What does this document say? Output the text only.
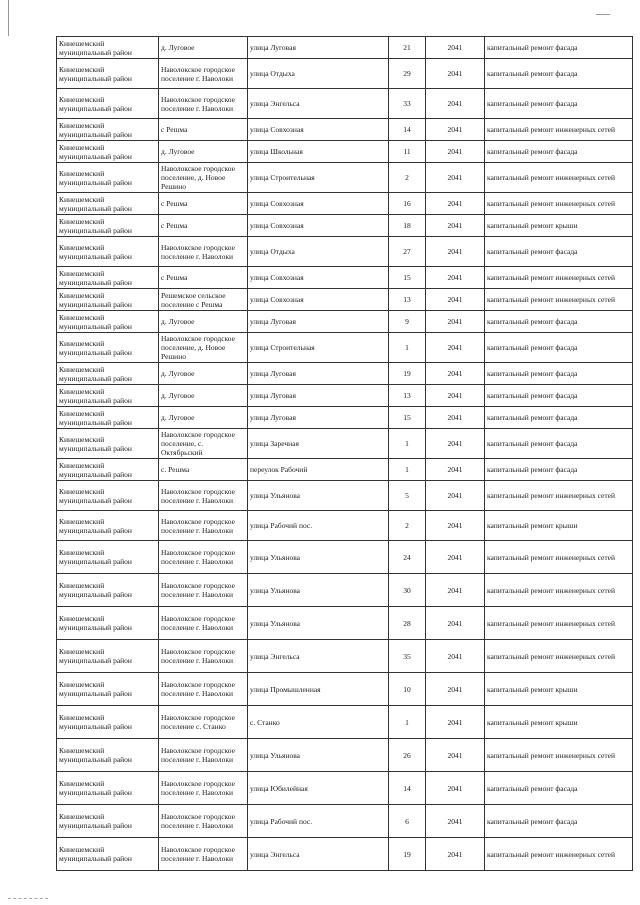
Кинешемский муниципальный район	д. Луговое	улица Луговая	21	2041	капитальный ремонт фасада
Кинешемский муниципальный район	Наволокское городское поселение г. Наволоки	улица Отдыха	29	2041	капитальный ремонт фасада
Кинешемский муниципальный район	Наволокское городское поселение г. Наволоки	улица Энгельса	33	2041	капитальный ремонт фасада
Кинешемский муниципальный район	с Решма	улица Совхозная	14	2041	капитальный ремонт инженерных сетей
Кинешемский муниципальный район	д. Луговое	улица Школьная	11	2041	капитальный ремонт фасада
Кинешемский муниципальный район	Наволокское городское поселение, д. Новое Решино	улица Строительная	2	2041	капитальный ремонт инженерных сетей
Кинешемский муниципальный район	с Решма	улица Совхозная	16	2041	капитальный ремонт инженерных сетей
Кинешемский муниципальный район	с Решма	улица Совхозная	18	2041	капитальный ремонт крыши
Кинешемский муниципальный район	Наволокское городское поселение г. Наволоки	улица Отдыха	27	2041	капитальный ремонт фасада
Кинешемский муниципальный район	с Решма	улица Совхозная	15	2041	капитальный ремонт инженерных сетей
Кинешемский муниципальный район	Решемское сельское поселение с Решма	улица Совхозная	13	2041	капитальный ремонт инженерных сетей
Кинешемский муниципальный район	д. Луговое	улица Луговая	9	2041	капитальный ремонт фасада
Кинешемский муниципальный район	Наволокское городское поселение, д. Новое Решино	улица Строительная	1	2041	капитальный ремонт фасада
Кинешемский муниципальный район	д. Луговое	улица Луговая	19	2041	капитальный ремонт фасада
Кинешемский муниципальный район	д. Луговое	улица Луговая	13	2041	капитальный ремонт фасада
Кинешемский муниципальный район	д. Луговое	улица Луговая	15	2041	капитальный ремонт фасада
Кинешемский муниципальный район	Наволокское городское поселение, с. Октябрьский	улица Заречная	1	2041	капитальный ремонт фасада
Кинешемский муниципальный район	с. Решма	переулок Рабочий	1	2041	капитальный ремонт фасада
Кинешемский муниципальный район	Наволокское городское поселение г. Наволоки	улица Ульянова	5	2041	капитальный ремонт инженерных сетей
Кинешемский муниципальный район	Наволокское городское поселение г. Наволоки	улица Рабочий пос.	2	2041	капитальный ремонт крыши
Кинешемский муниципальный район	Наволокское городское поселение г. Наволоки	улица Ульянова	24	2041	капитальный ремонт инженерных сетей
Кинешемский муниципальный район	Наволокское городское поселение г. Наволоки	улица Ульянова	30	2041	капитальный ремонт инженерных сетей
Кинешемский муниципальный район	Наволокское городское поселение г. Наволоки	улица Ульянова	28	2041	капитальный ремонт инженерных сетей
Кинешемский муниципальный район	Наволокское городское поселение г. Наволоки	улица Энгельса	35	2041	капитальный ремонт инженерных сетей
Кинешемский муниципальный район	Наволокское городское поселение г. Наволоки	улица Промышленная	10	2041	капитальный ремонт крыши
Кинешемский муниципальный район	Наволокское городское поселение с. Станко	с. Станко	1	2041	капитальный ремонт крыши
Кинешемский муниципальный район	Наволокское городское поселение г. Наволоки	улица Ульянова	26	2041	капитальный ремонт инженерных сетей
Кинешемский муниципальный район	Наволокское городское поселение г. Наволоки	улица Юбилейная	14	2041	капитальный ремонт фасада
Кинешемский муниципальный район	Наволокское городское поселение г. Наволоки	улица Рабочий пос.	6	2041	капитальный ремонт фасада
Кинешемский муниципальный район	Наволокское городское поселение г. Наволоки	улица Энгельса	19	2041	капитальный ремонт инженерных сетей
